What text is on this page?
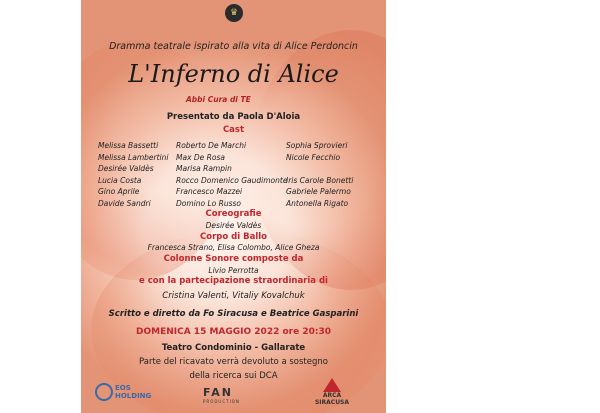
♛
Dramma teatrale ispirato alla vita di Alice Perdoncin
L'Inferno di Alice
Abbi Cura di TE
Presentato da Paola D'Aloia
Cast
Melissa Bassetti
Melissa Lambertini
Desirée Valdès
Lucia Costa
Gino Aprile
Davide Sandri
Roberto De Marchi
Max De Rosa
Marisa Rampin
Rocco Domenico Gaudimonte
Francesco Mazzei
Domino Lo Russo
Sophia Sprovieri
Nicole Fecchio

Iris Carole Bonetti
Gabriele Palermo
Antonella Rigato
Coreografie
Desirée Valdès
Corpo di Ballo
Francesca Strano, Elisa Colombo, Alice Gheza
Colonne Sonore composte da
Livio Perrotta
e con la partecipazione straordinaria di
Cristina Valenti, Vitaliy Kovalchuk
Scritto e diretto da Fo Siracusa e Beatrice Gasparini
DOMENICA 15 MAGGIO 2022 ore 20:30
Teatro Condominio - Gallarate
Parte del ricavato verrà devoluto a sostegno
della ricerca sui DCA
EOS
HOLDING	FAN
PRODUCTION
ARCA
SIRACUSA
